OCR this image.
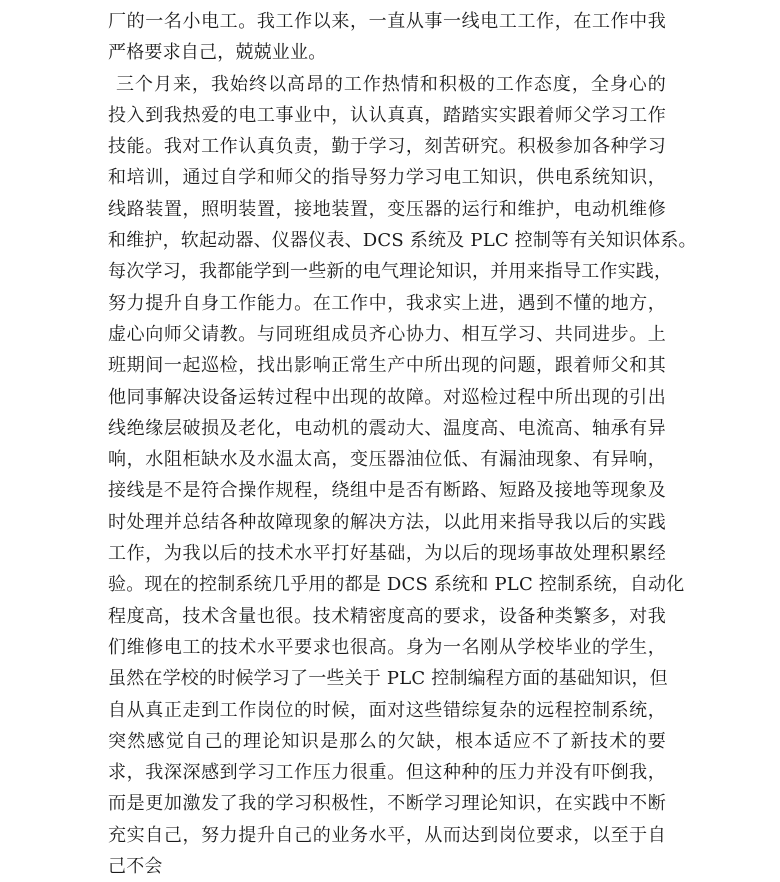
厂的一名小电工。我工作以来，一直从事一线电工工作，在工作中我
严格要求自己，兢兢业业。
三个月来，我始终以高昂的工作热情和积极的工作态度，全身心的
投入到我热爱的电工事业中，认认真真，踏踏实实跟着师父学习工作
技能。我对工作认真负责，勤于学习，刻苦研究。积极参加各种学习
和培训，通过自学和师父的指导努力学习电工知识，供电系统知识，
线路装置，照明装置，接地装置，变压器的运行和维护，电动机维修
和维护，软起动器、仪器仪表、DCS 系统及 PLC 控制等有关知识体系。
每次学习，我都能学到一些新的电气理论知识，并用来指导工作实践，
努力提升自身工作能力。在工作中，我求实上进，遇到不懂的地方，
虚心向师父请教。与同班组成员齐心协力、相互学习、共同进步。上
班期间一起巡检，找出影响正常生产中所出现的问题，跟着师父和其
他同事解决设备运转过程中出现的故障。对巡检过程中所出现的引出
线绝缘层破损及老化，电动机的震动大、温度高、电流高、轴承有异
响，水阻柜缺水及水温太高，变压器油位低、有漏油现象、有异响，
接线是不是符合操作规程，绕组中是否有断路、短路及接地等现象及
时处理并总结各种故障现象的解决方法，以此用来指导我以后的实践
工作，为我以后的技术水平打好基础，为以后的现场事故处理积累经
验。现在的控制系统几乎用的都是 DCS 系统和 PLC 控制系统，自动化
程度高，技术含量也很。技术精密度高的要求，设备种类繁多，对我
们维修电工的技术水平要求也很高。身为一名刚从学校毕业的学生，
虽然在学校的时候学习了一些关于 PLC 控制编程方面的基础知识，但
自从真正走到工作岗位的时候，面对这些错综复杂的远程控制系统，
突然感觉自己的理论知识是那么的欠缺，根本适应不了新技术的要
求，我深深感到学习工作压力很重。但这种种的压力并没有吓倒我，
而是更加激发了我的学习积极性，不断学习理论知识，在实践中不断
充实自己，努力提升自己的业务水平，从而达到岗位要求，以至于自
己不会
